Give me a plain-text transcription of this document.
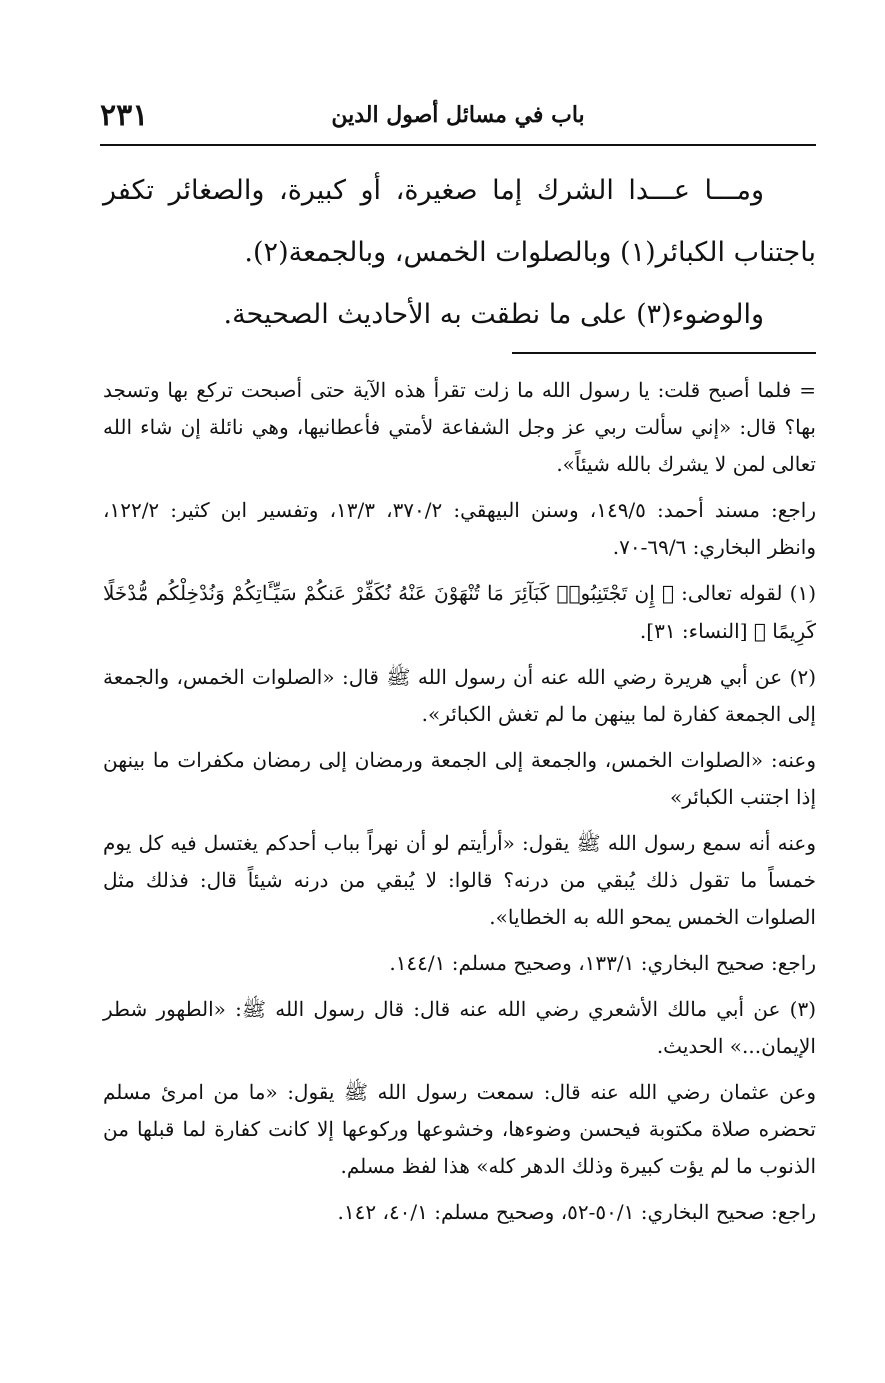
٢٣١	باب في مسائل أصول الدين

ومـــا عـــدا الشرك إما صغيرة، أو كبيرة، والصغائر تكفر باجتناب الكبائر(١) وبالصلوات الخمس، وبالجمعة(٢).

والوضوء(٣) على ما نطقت به الأحاديث الصحيحة.

= فلما أصبح قلت: يا رسول الله ما زلت تقرأ هذه الآية حتى أصبحت تركع بها وتسجد بها؟ قال: «إني سألت ربي عز وجل الشفاعة لأمتي فأعطانيها، وهي نائلة إن شاء الله تعالى لمن لا يشرك بالله شيئاً».

راجع: مسند أحمد: ١٤٩/٥، وسنن البيهقي: ٣٧٠/٢، ١٣/٣، وتفسير ابن كثير: ١٢٢/٢، وانظر البخاري: ٦٩/٦-٧٠.

(١) لقوله تعالى: ﴿ إِن تَجْتَنِبُوا۟ كَبَآئِرَ مَا تُنْهَوْنَ عَنْهُ نُكَفِّرْ عَنكُمْ سَيِّـَٔاتِكُمْ وَنُدْخِلْكُم مُّدْخَلًا كَرِيمًا ﴾ [النساء: ٣١].

(٢) عن أبي هريرة رضي الله عنه أن رسول الله ﷺ قال: «الصلوات الخمس، والجمعة إلى الجمعة كفارة لما بينهن ما لم تغش الكبائر».

وعنه: «الصلوات الخمس، والجمعة إلى الجمعة ورمضان إلى رمضان مكفرات ما بينهن إذا اجتنب الكبائر»

وعنه أنه سمع رسول الله ﷺ يقول: «أرأيتم لو أن نهراً بباب أحدكم يغتسل فيه كل يوم خمساً ما تقول ذلك يُبقي من درنه؟ قالوا: لا يُبقي من درنه شيئاً قال: فذلك مثل الصلوات الخمس يمحو الله به الخطايا».

راجع: صحيح البخاري: ١٣٣/١، وصحيح مسلم: ١٤٤/١.

(٣) عن أبي مالك الأشعري رضي الله عنه قال: قال رسول الله ﷺ: «الطهور شطر الإيمان...» الحديث.

وعن عثمان رضي الله عنه قال: سمعت رسول الله ﷺ يقول: «ما من امرئ مسلم تحضره صلاة مكتوبة فيحسن وضوءها، وخشوعها وركوعها إلا كانت كفارة لما قبلها من الذنوب ما لم يؤت كبيرة وذلك الدهر كله» هذا لفظ مسلم.

راجع: صحيح البخاري: ٥٠/١-٥٢، وصحيح مسلم: ٤٠/١، ١٤٢.
